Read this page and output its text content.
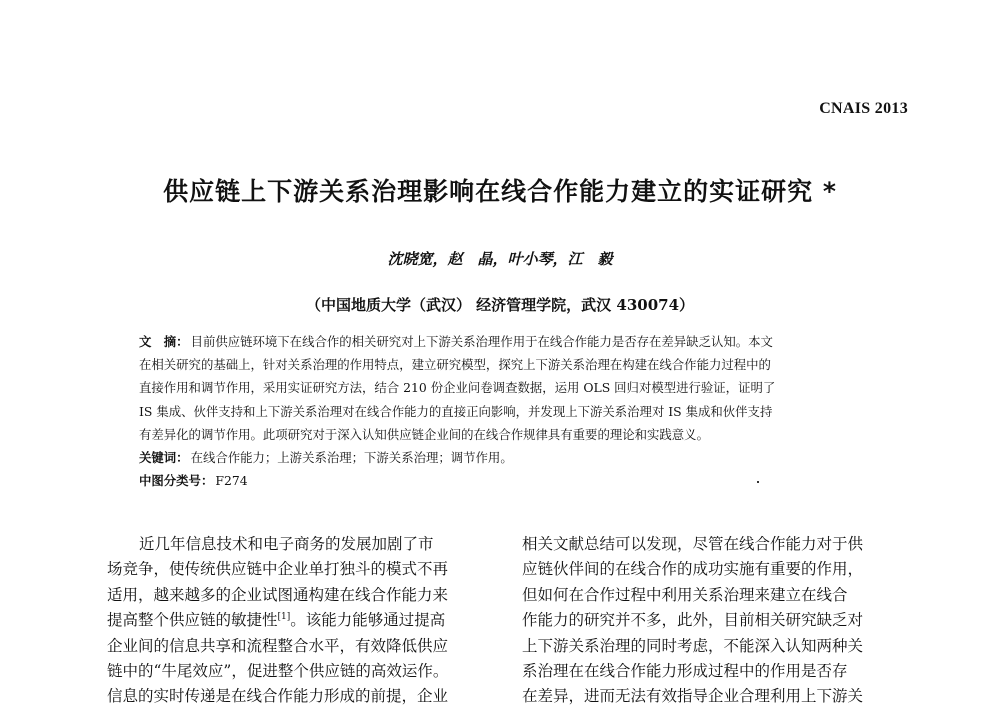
CNAIS 2013
供应链上下游关系治理影响在线合作能力建立的实证研究 *
沈晓宽，赵　晶，叶小琴，江　毅
（中国地质大学（武汉） 经济管理学院，武汉 430074）
文　摘： 目前供应链环境下在线合作的相关研究对上下游关系治理作用于在线合作能力是否存在差异缺乏认知。本文
在相关研究的基础上，针对关系治理的作用特点，建立研究模型，探究上下游关系治理在构建在线合作能力过程中的
直接作用和调节作用，采用实证研究方法，结合 210 份企业问卷调查数据，运用 OLS 回归对模型进行验证，证明了
IS 集成、伙伴支持和上下游关系治理对在线合作能力的直接正向影响，并发现上下游关系治理对 IS 集成和伙伴支持
有差异化的调节作用。此项研究对于深入认知供应链企业间的在线合作规律具有重要的理论和实践意义。
关键词： 在线合作能力；上游关系治理；下游关系治理；调节作用。
中图分类号： F274
近几年信息技术和电子商务的发展加剧了市
场竞争，使传统供应链中企业单打独斗的模式不再
适用，越来越多的企业试图通构建在线合作能力来
提高整个供应链的敏捷性[1]。该能力能够通过提高
企业间的信息共享和流程整合水平，有效降低供应
链中的“牛尾效应”，促进整个供应链的高效运作。
信息的实时传递是在线合作能力形成的前提，企业
相关文献总结可以发现，尽管在线合作能力对于供
应链伙伴间的在线合作的成功实施有重要的作用，
但如何在合作过程中利用关系治理来建立在线合
作能力的研究并不多，此外，目前相关研究缺乏对
上下游关系治理的同时考虑，不能深入认知两种关
系治理在在线合作能力形成过程中的作用是否存
在差异，进而无法有效指导企业合理利用上下游关
